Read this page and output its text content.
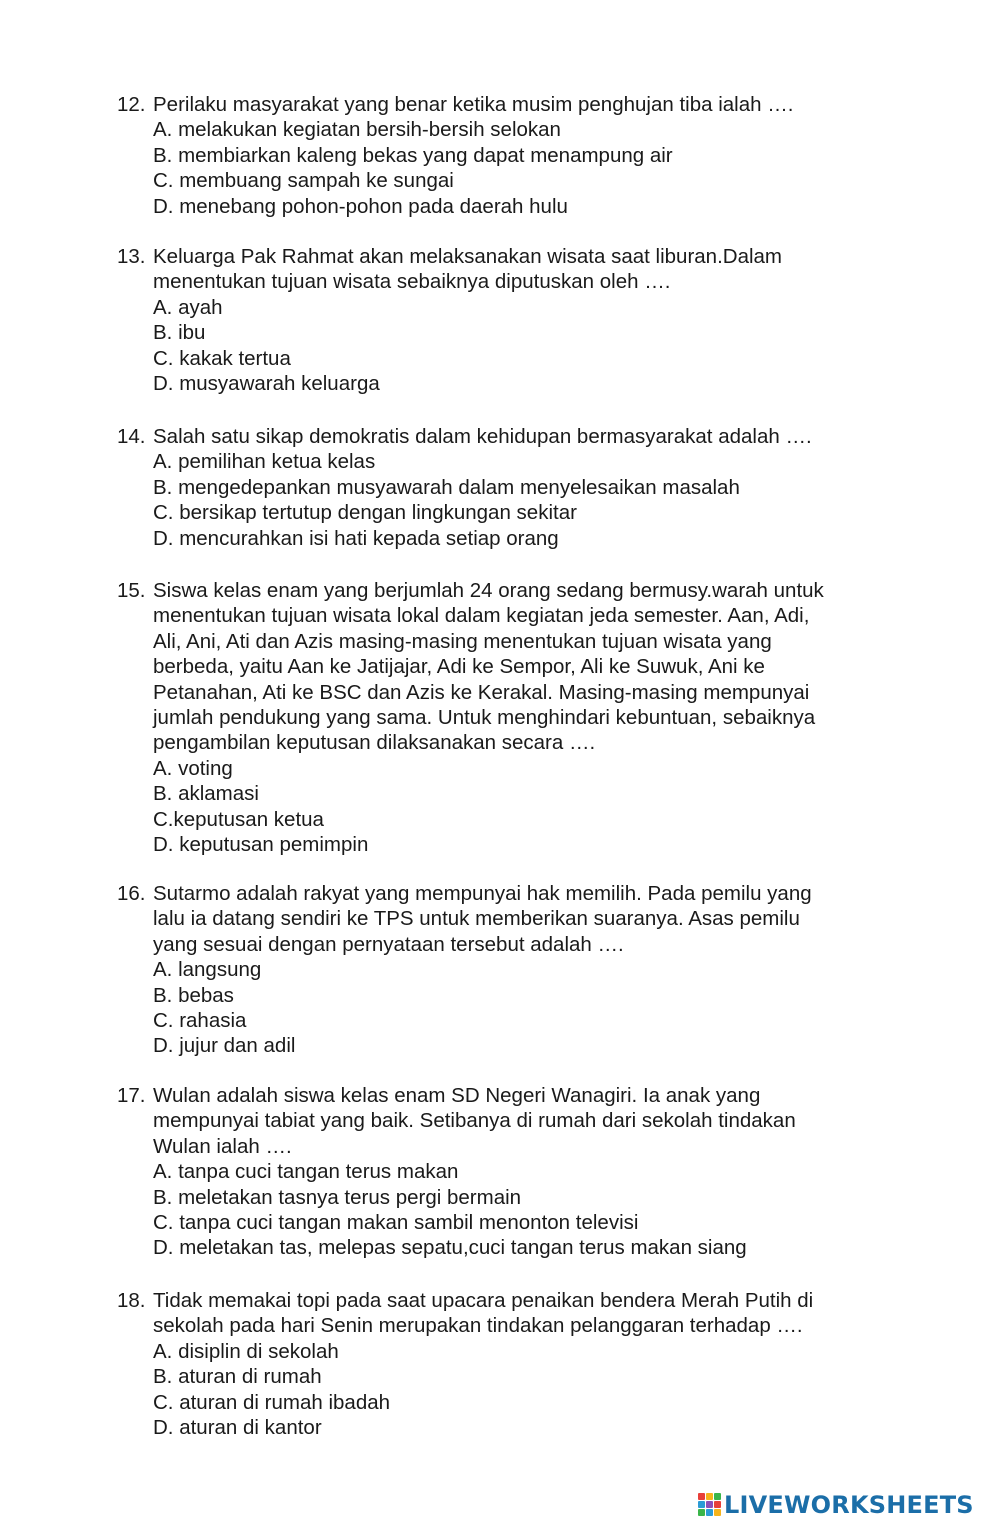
12. Perilaku masyarakat yang benar ketika musim penghujan tiba ialah ….
A. melakukan kegiatan bersih-bersih selokan
B. membiarkan kaleng bekas yang dapat menampung air
C. membuang sampah ke sungai
D. menebang pohon-pohon pada daerah hulu
13. Keluarga Pak Rahmat akan melaksanakan wisata saat liburan.Dalam
menentukan tujuan wisata sebaiknya diputuskan oleh ….
A. ayah
B. ibu
C. kakak tertua
D. musyawarah keluarga
14. Salah satu sikap demokratis dalam kehidupan bermasyarakat adalah ….
A. pemilihan ketua kelas
B. mengedepankan musyawarah dalam menyelesaikan masalah
C. bersikap tertutup dengan lingkungan sekitar
D. mencurahkan isi hati kepada setiap orang
15. Siswa kelas enam yang berjumlah 24 orang sedang bermusy.warah untuk
menentukan tujuan wisata lokal dalam kegiatan jeda semester. Aan, Adi,
Ali, Ani, Ati dan Azis masing-masing menentukan tujuan wisata yang
berbeda, yaitu Aan ke Jatijajar, Adi ke Sempor, Ali ke Suwuk, Ani ke
Petanahan, Ati ke BSC dan Azis ke Kerakal. Masing-masing mempunyai
jumlah pendukung yang sama. Untuk menghindari kebuntuan, sebaiknya
pengambilan keputusan dilaksanakan secara ….
A. voting
B. aklamasi
C.keputusan ketua
D. keputusan pemimpin
16. Sutarmo adalah rakyat yang mempunyai hak memilih. Pada pemilu yang
lalu ia datang sendiri ke TPS untuk memberikan suaranya. Asas pemilu
yang sesuai dengan pernyataan tersebut adalah ….
A. langsung
B. bebas
C. rahasia
D. jujur dan adil
17. Wulan adalah siswa kelas enam SD Negeri Wanagiri. Ia anak yang
mempunyai tabiat yang baik. Setibanya di rumah dari sekolah tindakan
Wulan ialah ….
A. tanpa cuci tangan terus makan
B. meletakan tasnya terus pergi bermain
C. tanpa cuci tangan makan sambil menonton televisi
D. meletakan tas, melepas sepatu,cuci tangan terus makan siang
18. Tidak memakai topi pada saat upacara penaikan bendera Merah Putih di
sekolah pada hari Senin merupakan tindakan pelanggaran terhadap ….
A. disiplin di sekolah
B. aturan di rumah
C. aturan di rumah ibadah
D. aturan di kantor
LIVEWORKSHEETS
